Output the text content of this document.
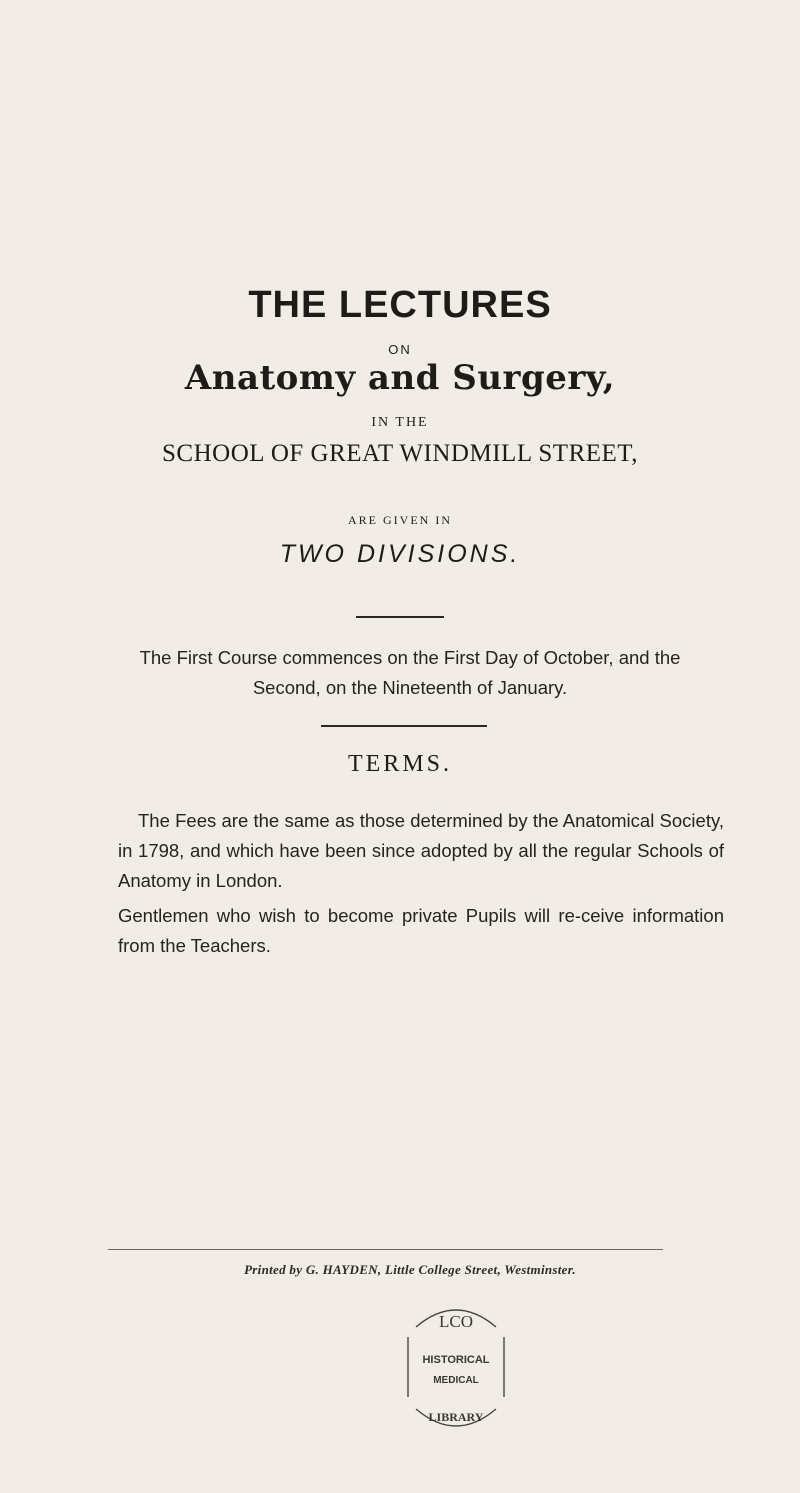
THE LECTURES
ON
Anatomy and Surgery,
IN THE
SCHOOL OF GREAT WINDMILL STREET,
ARE GIVEN IN
TWO DIVISIONS.

The First Course commences on the First Day of October, and the Second, on the Nineteenth of January.

TERMS.

The Fees are the same as those determined by the Anatomical Society, in 1798, and which have been since adopted by all the regular Schools of Anatomy in London.

Gentlemen who wish to become private Pupils will re-ceive information from the Teachers.

Printed by G. HAYDEN, Little College Street, Westminster.
LCO
HISTORICAL
MEDICAL
LIBRARY
